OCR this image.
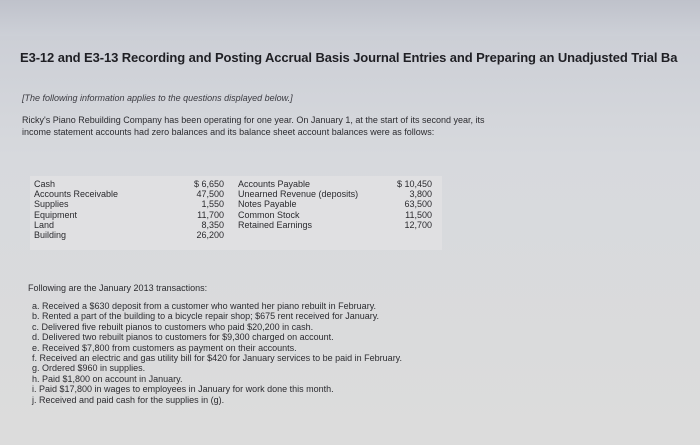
E3-12 and E3-13 Recording and Posting Accrual Basis Journal Entries and Preparing an Unadjusted Trial Ba
[The following information applies to the questions displayed below.]
Ricky's Piano Rebuilding Company has been operating for one year. On January 1, at the start of its second year, its income statement accounts had zero balances and its balance sheet account balances were as follows:
Cash
Accounts Receivable
Supplies
Equipment
Land
Building
$ 6,650
47,500
1,550
11,700
8,350
26,200
Accounts Payable
Unearned Revenue (deposits)
Notes Payable
Common Stock
Retained Earnings
$ 10,450
3,800
63,500
11,500
12,700
Following are the January 2013 transactions:
a. Received a $630 deposit from a customer who wanted her piano rebuilt in February.
b. Rented a part of the building to a bicycle repair shop; $675 rent received for January.
c. Delivered five rebuilt pianos to customers who paid $20,200 in cash.
d. Delivered two rebuilt pianos to customers for $9,300 charged on account.
e. Received $7,800 from customers as payment on their accounts.
f. Received an electric and gas utility bill for $420 for January services to be paid in February.
g. Ordered $960 in supplies.
h. Paid $1,800 on account in January.
i. Paid $17,800 in wages to employees in January for work done this month.
j. Received and paid cash for the supplies in (g).
